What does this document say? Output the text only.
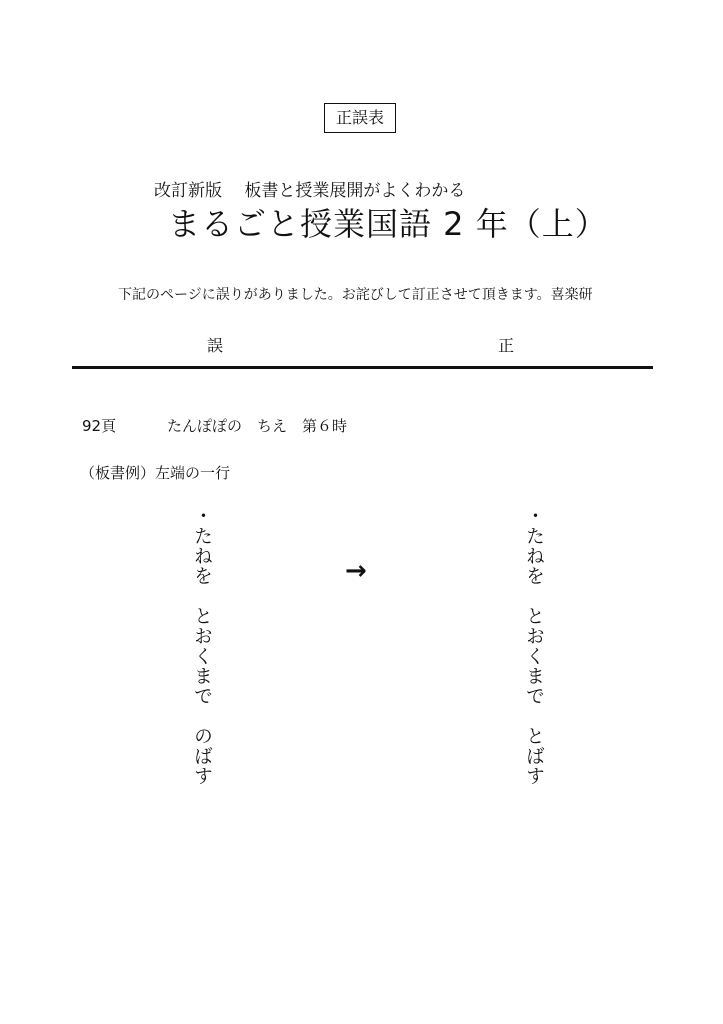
正誤表
改訂新版　 板書と授業展開がよくわかる
まるごと授業国語 2 年（上）
下記のページに誤りがありました。お詫びして訂正させて頂きます。喜楽研
誤	正
92頁	たんぽぽの　ちえ　第６時
（板書例）左端の一行
・たねを　とおくまで　のばす	→	・たねを　とおくまで　とばす
